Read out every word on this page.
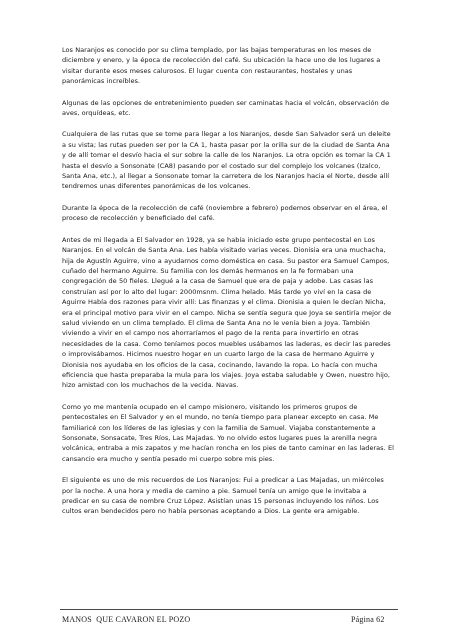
Los Naranjos es conocido por su clima templado, por las bajas temperaturas en los meses de diciembre y enero, y la época de recolección del café. Su ubicación la hace uno de los lugares a visitar durante esos meses calurosos. El lugar cuenta con restaurantes, hostales y unas panorámicas increíbles.

Algunas de las opciones de entretenimiento pueden ser caminatas hacia el volcán, observación de aves, orquídeas, etc.

Cualquiera de las rutas que se tome para llegar a los Naranjos, desde San Salvador será un deleite a su vista; las rutas pueden ser por la CA 1, hasta pasar por la orilla sur de la ciudad de Santa Ana y de allí tomar el desvío hacia el sur sobre la calle de los Naranjos. La otra opción es tomar la CA 1 hasta el desvío a Sonsonate (CA8) pasando por el costado sur del complejo los volcanes (Izalco, Santa Ana, etc.), al llegar a Sonsonate tomar la carretera de los Naranjos hacia el Norte, desde allí tendremos unas diferentes panorámicas de los volcanes.

Durante la época de la recolección de café (noviembre a febrero) podemos observar en el área, el proceso de recolección y beneficiado del café.

Antes de mi llegada a El Salvador en 1928, ya se había iniciado este grupo pentecostal en Los Naranjos. En el volcán de Santa Ana. Les había visitado varias veces. Dionisia era una muchacha, hija de Agustín Aguirre, vino a ayudarnos como doméstica en casa. Su pastor era Samuel Campos, cuñado del hermano Aguirre. Su familia con los demás hermanos en la fe formaban una congregación de 50 fieles. Llegué a la casa de Samuel que era de paja y adobe. Las casas las construían así por lo alto del lugar: 2000msnm. Clima helado. Más tarde yo viví en la casa de Aguirre Había dos razones para vivir allí: Las finanzas y el clima. Dionisia a quien le decían Nicha, era el principal motivo para vivir en el campo. Nicha se sentía segura que Joya se sentiría mejor de salud viviendo en un clima templado. El clima de Santa Ana no le venía bien a Joya. También viviendo a vivir en el campo nos ahorraríamos el pago de la renta para invertirlo en otras necesidades de la casa. Como teníamos pocos muebles usábamos las laderas, es decir las paredes o improvisábamos. Hicimos nuestro hogar en un cuarto largo de la casa de hermano Aguirre y Dionisia nos ayudaba en los oficios de la casa, cocinando, lavando la ropa. Lo hacía con mucha eficiencia que hasta preparaba la mula para los viajes. Joya estaba saludable y Owen, nuestro hijo, hizo amistad con los muchachos de la vecida. Navas.

Como yo me mantenía ocupado en el campo misionero, visitando los primeros grupos de pentecostales en El Salvador y en el mundo, no tenía tiempo para planear excepto en casa. Me familiaricé con los líderes de las iglesias y con la familia de Samuel. Viajaba constantemente a Sonsonate, Sonsacate, Tres Ríos, Las Majadas. Yo no olvido estos lugares pues la arenilla negra volcánica, entraba a mis zapatos y me hacían roncha en los pies de tanto caminar en las laderas. El cansancio era mucho y sentía pesado mi cuerpo sobre mis pies.

El siguiente es uno de mis recuerdos de Los Naranjos: Fui a predicar a Las Majadas, un miércoles por la noche. A una hora y media de camino a pie. Samuel tenía un amigo que le invitaba a predicar en su casa de nombre Cruz López. Asistían unas 15 personas incluyendo los niños. Los cultos eran bendecidos pero no había personas aceptando a Dios. La gente era amigable.

MANOS  QUE CAVARON EL POZO	Página 62
